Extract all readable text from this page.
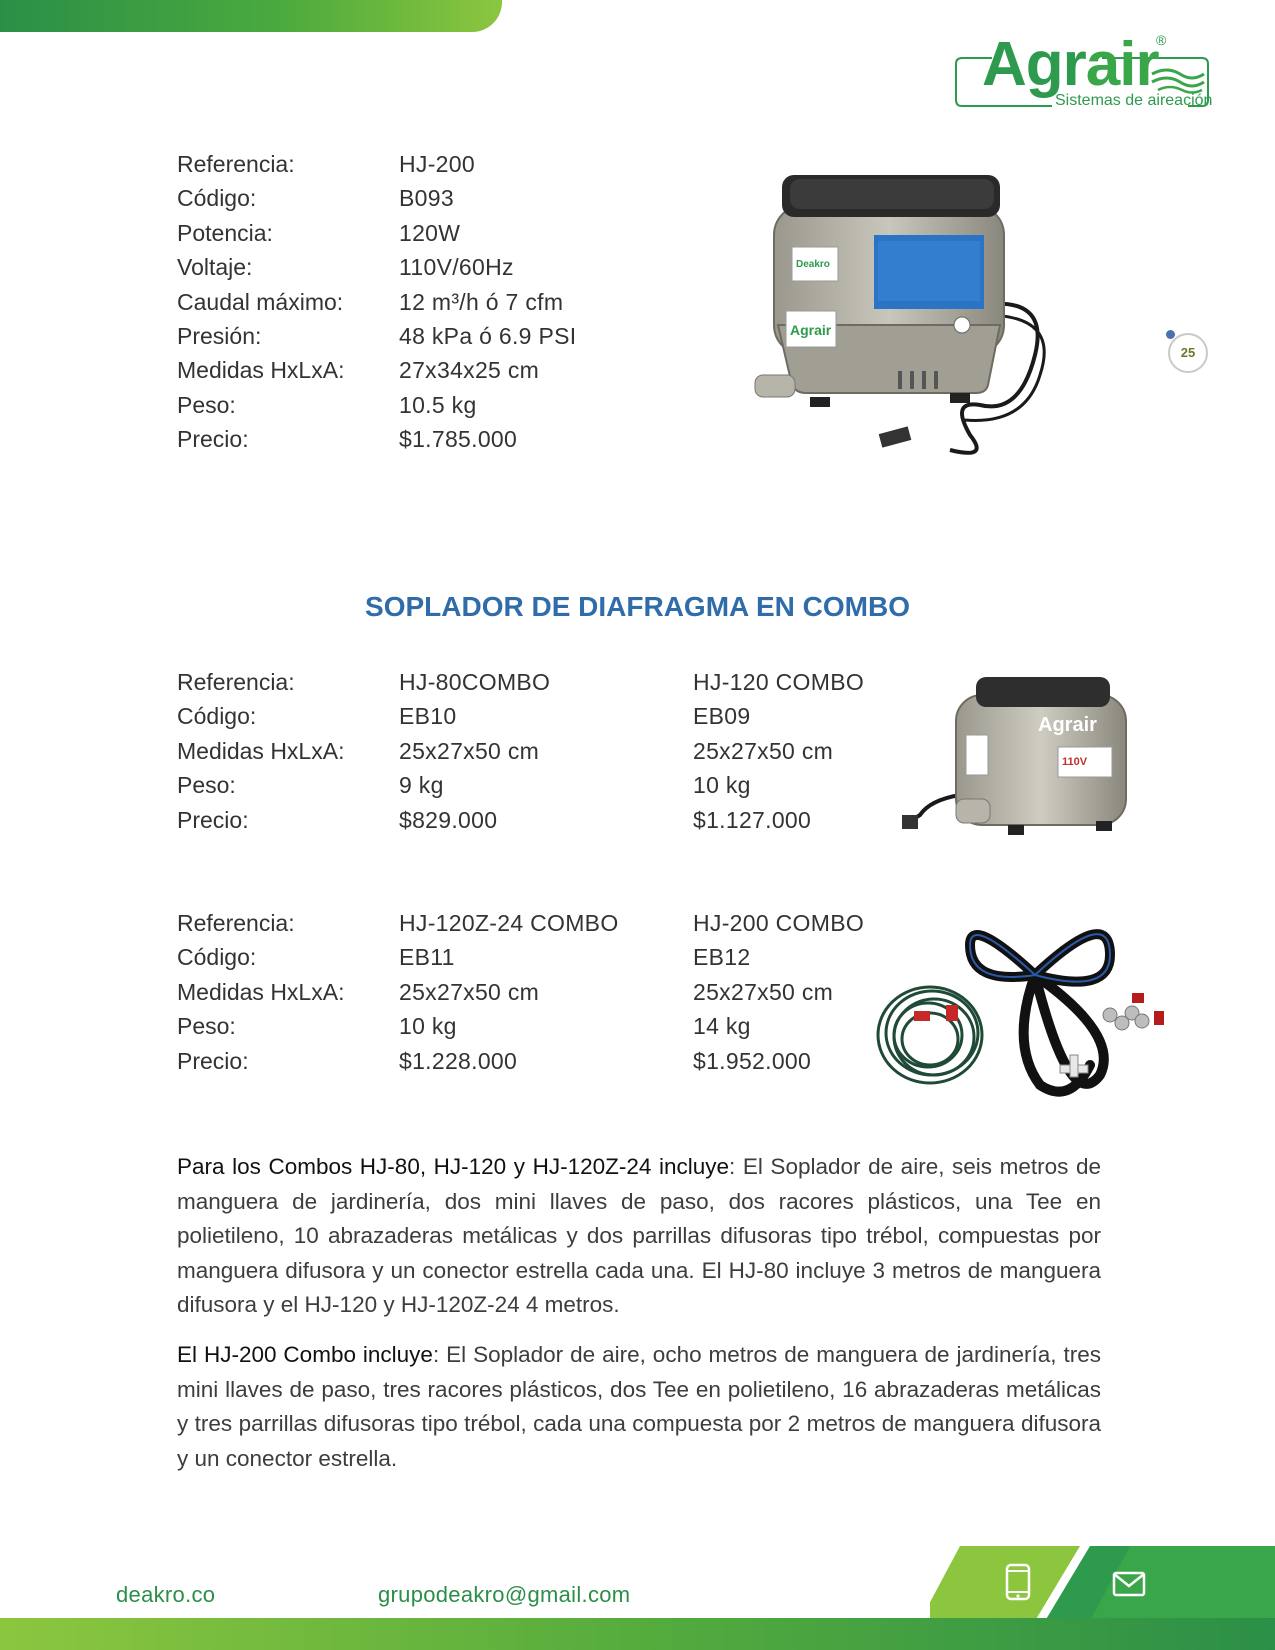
Agrair
®
Sistemas de aireación
25
Referencia:	HJ-200
Código:	B093
Potencia:	120W
Voltaje:	110V/60Hz
Caudal máximo:	12 m³/h ó 7 cfm
Presión:	48 kPa ó 6.9 PSI
Medidas HxLxA:	27x34x25 cm
Peso:	10.5 kg
Precio:	$1.785.000
Deakro
Agrair
SOPLADOR DE DIAFRAGMA EN COMBO
Referencia:	HJ-80COMBO	HJ-120 COMBO
Código:	EB10	EB09
Medidas HxLxA:	25x27x50 cm	25x27x50 cm
Peso:	9 kg	10 kg
Precio:	$829.000	$1.127.000
Agrair
110V
Referencia:	HJ-120Z-24 COMBO	HJ-200 COMBO
Código:	EB11	EB12
Medidas HxLxA:	25x27x50 cm	25x27x50 cm
Peso:	10 kg	14 kg
Precio:	$1.228.000	$1.952.000

Para los Combos HJ-80, HJ-120 y HJ-120Z-24 incluye: El Soplador de aire, seis metros de manguera de jardinería, dos mini llaves de paso, dos racores plásticos, una Tee en polietileno, 10 abrazaderas metálicas y dos parrillas difusoras tipo trébol, compuestas por manguera difusora y un conector estrella cada una. El HJ-80 incluye 3 metros de manguera difusora y el HJ-120 y HJ-120Z-24 4 metros.

El HJ-200 Combo incluye: El Soplador de aire, ocho metros de manguera de jardinería, tres mini llaves de paso, tres racores plásticos, dos Tee en polietileno, 16 abrazaderas metálicas y tres parrillas difusoras tipo trébol, cada una compuesta por 2 metros de manguera difusora y un conector estrella.

deakro.co	grupodeakro@gmail.com
